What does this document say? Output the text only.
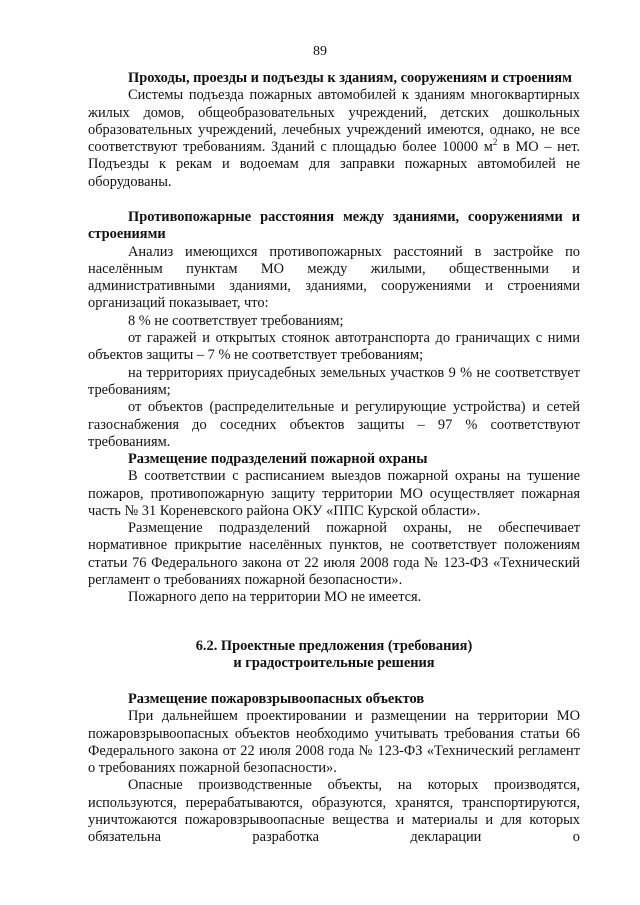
89

Проходы, проезды и подъезды к зданиям, сооружениям и строениям

Системы подъезда пожарных автомобилей к зданиям многоквартирных жилых домов, общеобразовательных учреждений, детских дошкольных образовательных учреждений, лечебных учреждений имеются, однако, не все соответствуют требованиям. Зданий с площадью более 10000 $м^2$ в МО – нет. Подъезды к рекам и водоемам для заправки пожарных автомобилей не оборудованы.

Противопожарные расстояния между зданиями, сооружениями и строениями

Анализ имеющихся противопожарных расстояний в застройке по населённым пунктам МО между жилыми, общественными и административными зданиями, зданиями, сооружениями и строениями организаций показывает, что:

8 % не соответствует требованиям;

от гаражей и открытых стоянок автотранспорта до граничащих с ними объектов защиты – 7 % не соответствует требованиям;

на территориях приусадебных земельных участков 9 % не соответствует требованиям;

от объектов (распределительные и регулирующие устройства) и сетей газоснабжения до соседних объектов защиты – 97 % соответствуют требованиям.

Размещение подразделений пожарной охраны

В соответствии с расписанием выездов пожарной охраны на тушение пожаров, противопожарную защиту территории МО осуществляет пожарная часть № 31 Кореневского района ОКУ «ППС Курской области».

Размещение подразделений пожарной охраны, не обеспечивает нормативное прикрытие населённых пунктов, не соответствует положениям статьи 76 Федерального закона от 22 июля 2008 года № 123-ФЗ «Технический регламент о требованиях пожарной безопасности».

Пожарного депо на территории МО не имеется.

6.2. Проектные предложения (требования)

и градостроительные решения

Размещение пожаровзрывоопасных объектов

При дальнейшем проектировании и размещении на территории МО пожаровзрывоопасных объектов необходимо учитывать требования статьи 66 Федерального закона от 22 июля 2008 года № 123-ФЗ «Технический регламент о требованиях пожарной безопасности».

Опасные производственные объекты, на которых производятся, используются, перерабатываются, образуются, хранятся, транспортируются, уничтожаются пожаровзрывоопасные вещества и материалы и для которых обязательна разработка декларации о
